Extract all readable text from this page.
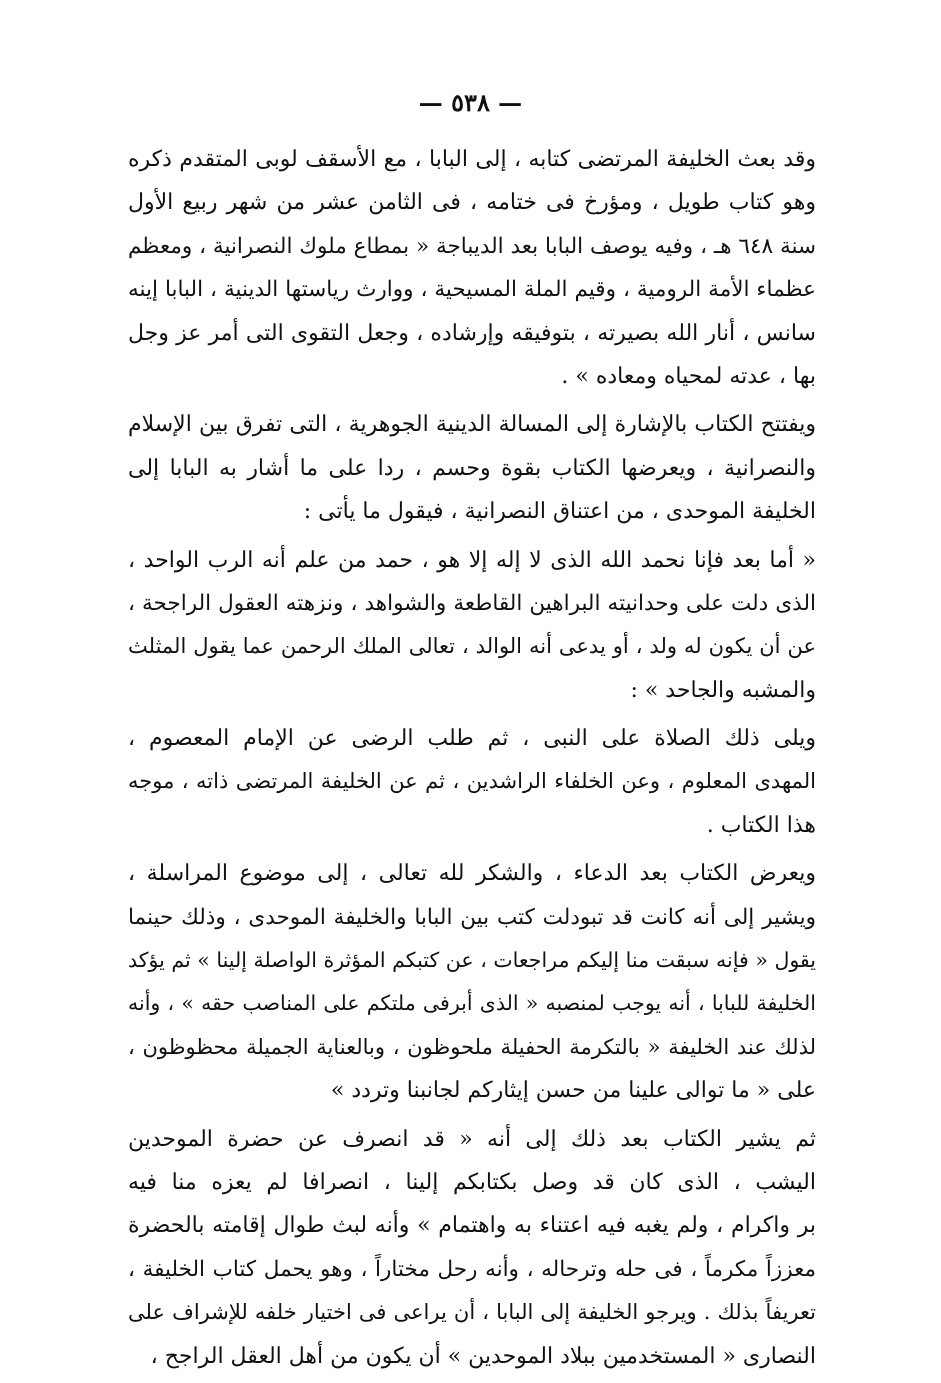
— ٥٣٨ —
وقد بعث الخليفة المرتضى كتابه ، إلى البابا ، مع الأسقف لوبى المتقدم ذكره
وهو كتاب طويل ، ومؤرخ فى ختامه ، فى الثامن عشر من شهر ربيع الأول
سنة ٦٤٨ هـ ، وفيه يوصف البابا بعد الديباجة « بمطاع ملوك النصرانية ، ومعظم
عظماء الأمة الرومية ، وقيم الملة المسيحية ، ووارث رياستها الدينية ، البابا إينه
سانس ، أنار الله بصيرته ، بتوفيقه وإرشاده ، وجعل التقوى التى أمر عز وجل
بها ، عدته لمحياه ومعاده » .
ويفتتح الكتاب بالإشارة إلى المسالة الدينية الجوهرية ، التى تفرق بين الإسلام
والنصرانية ، ويعرضها الكتاب بقوة وحسم ، ردا على ما أشار به البابا إلى
الخليفة الموحدى ، من اعتناق النصرانية ، فيقول ما يأتى :
« أما بعد فإنا نحمد الله الذى لا إله إلا هو ، حمد من علم أنه الرب الواحد ،
الذى دلت على وحدانيته البراهين القاطعة والشواهد ، ونزهته العقول الراجحة ،
عن أن يكون له ولد ، أو يدعى أنه الوالد ، تعالى الملك الرحمن عما يقول المثلث
والمشبه والجاحد » :
ويلى ذلك الصلاة على النبى ، ثم طلب الرضى عن الإمام المعصوم ،
المهدى المعلوم ، وعن الخلفاء الراشدين ، ثم عن الخليفة المرتضى ذاته ، موجه
هذا الكتاب .
ويعرض الكتاب بعد الدعاء ، والشكر لله تعالى ، إلى موضوع المراسلة ،
ويشير إلى أنه كانت قد تبودلت كتب بين البابا والخليفة الموحدى ، وذلك حينما
يقول « فإنه سبقت منا إليكم مراجعات ، عن كتبكم المؤثرة الواصلة إلينا » ثم يؤكد
الخليفة للبابا ، أنه يوجب لمنصبه « الذى أبرفى ملتكم على المناصب حقه » ، وأنه
لذلك عند الخليفة « بالتكرمة الحفيلة ملحوظون ، وبالعناية الجميلة محظوظون ،
على « ما توالى علينا من حسن إيثاركم لجانبنا وتردد »
ثم يشير الكتاب بعد ذلك إلى أنه « قد انصرف عن حضرة الموحدين
اليشب ، الذى كان قد وصل بكتابكم إلينا ، انصرافا لم يعزه منا فيه
بر واكرام ، ولم يغبه فيه اعتناء به واهتمام » وأنه لبث طوال إقامته بالحضرة
معززاً مكرماً ، فى حله وترحاله ، وأنه رحل مختاراً ، وهو يحمل كتاب الخليفة ،
تعريفاً بذلك . ويرجو الخليفة إلى البابا ، أن يراعى فى اختيار خلفه للإشراف على
النصارى « المستخدمين ببلاد الموحدين » أن يكون من أهل العقل الراجح ،
